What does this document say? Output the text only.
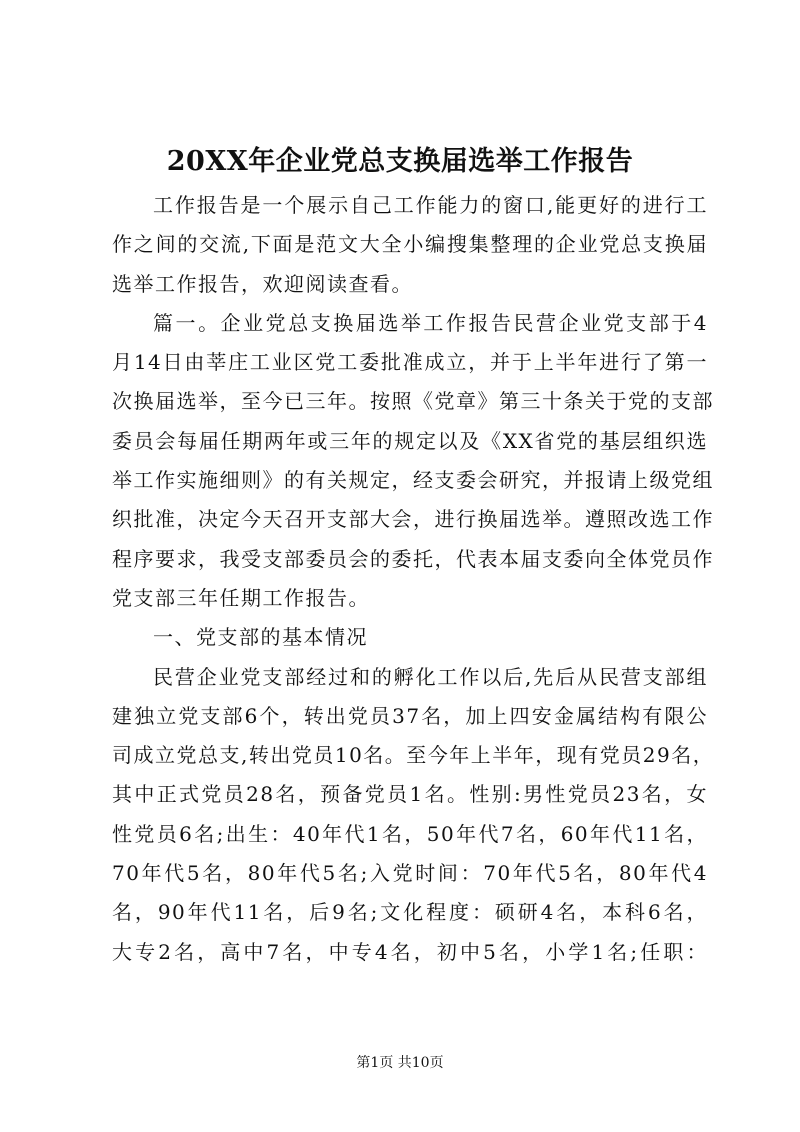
20XX年企业党总支换届选举工作报告
工作报告是一个展示自己工作能力的窗口,能更好的进行工
作之间的交流,下面是范文大全小编搜集整理的企业党总支换届
选举工作报告，欢迎阅读查看。
篇一。企业党总支换届选举工作报告民营企业党支部于4
月14日由莘庄工业区党工委批准成立，并于上半年进行了第一
次换届选举，至今已三年。按照《党章》第三十条关于党的支部
委员会每届任期两年或三年的规定以及《XX省党的基层组织选
举工作实施细则》的有关规定，经支委会研究，并报请上级党组
织批准，决定今天召开支部大会，进行换届选举。遵照改选工作
程序要求，我受支部委员会的委托，代表本届支委向全体党员作
党支部三年任期工作报告。
一、党支部的基本情况
民营企业党支部经过和的孵化工作以后,先后从民营支部组
建独立党支部6个，转出党员37名，加上四安金属结构有限公
司成立党总支,转出党员10名。至今年上半年，现有党员29名，
其中正式党员28名，预备党员1名。性别:男性党员23名，女
性党员6名;出生：40年代1名，50年代7名，60年代11名，
70年代5名，80年代5名;入党时间：70年代5名，80年代4
名，90年代11名，后9名;文化程度：硕研4名，本科6名，
大专2名，高中7名，中专4名，初中5名，小学1名;任职：
第1页 共10页
